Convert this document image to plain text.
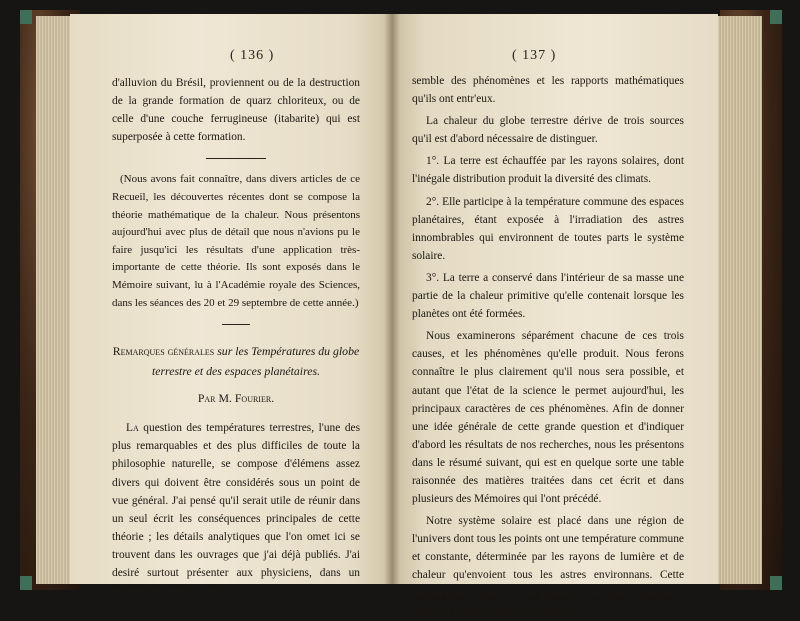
( 136 )

d'alluvion du Brésil, proviennent ou de la destruction de la grande formation de quarz chloriteux, ou de celle d'une couche ferrugineuse (itabarite) qui est superposée à cette formation.

(Nous avons fait connaître, dans divers articles de ce Recueil, les découvertes récentes dont se compose la théorie mathématique de la chaleur. Nous présentons aujourd'hui avec plus de détail que nous n'avions pu le faire jusqu'ici les résultats d'une application très-importante de cette théorie. Ils sont exposés dans le Mémoire suivant, lu à l'Académie royale des Sciences, dans les séances des 20 et 29 septembre de cette année.)

Remarques générales sur les Températures du globe terrestre et des espaces planétaires.

Par M. Fourier.

La question des températures terrestres, l'une des plus remarquables et des plus difficiles de toute la philosophie naturelle, se compose d'élémens assez divers qui doivent être considérés sous un point de vue général. J'ai pensé qu'il serait utile de réunir dans un seul écrit les conséquences principales de cette théorie ; les détails analytiques que l'on omet ici se trouvent dans les ouvrages que j'ai déjà publiés. J'ai desiré surtout présenter aux physiciens, dans un tableau peu étendu, l'en-

( 137 )

semble des phénomènes et les rapports mathématiques qu'ils ont entr'eux.

La chaleur du globe terrestre dérive de trois sources qu'il est d'abord nécessaire de distinguer.

1°. La terre est échauffée par les rayons solaires, dont l'inégale distribution produit la diversité des climats.

2°. Elle participe à la température commune des espaces planétaires, étant exposée à l'irradiation des astres innombrables qui environnent de toutes parts le système solaire.

3°. La terre a conservé dans l'intérieur de sa masse une partie de la chaleur primitive qu'elle contenait lorsque les planètes ont été formées.

Nous examinerons séparément chacune de ces trois causes, et les phénomènes qu'elle produit. Nous ferons connaître le plus clairement qu'il nous sera possible, et autant que l'état de la science le permet aujourd'hui, les principaux caractères de ces phénomènes. Afin de donner une idée générale de cette grande question et d'indiquer d'abord les résultats de nos recherches, nous les présentons dans le résumé suivant, qui est en quelque sorte une table raisonnée des matières traitées dans cet écrit et dans plusieurs des Mémoires qui l'ont précédé.

Notre système solaire est placé dans une région de l'univers dont tous les points ont une température commune et constante, déterminée par les rayons de lumière et de chaleur qu'envoient tous les astres environnans. Cette température froide du ciel planétaire est peu inférieure à celle des régions polaires du globe ter-
